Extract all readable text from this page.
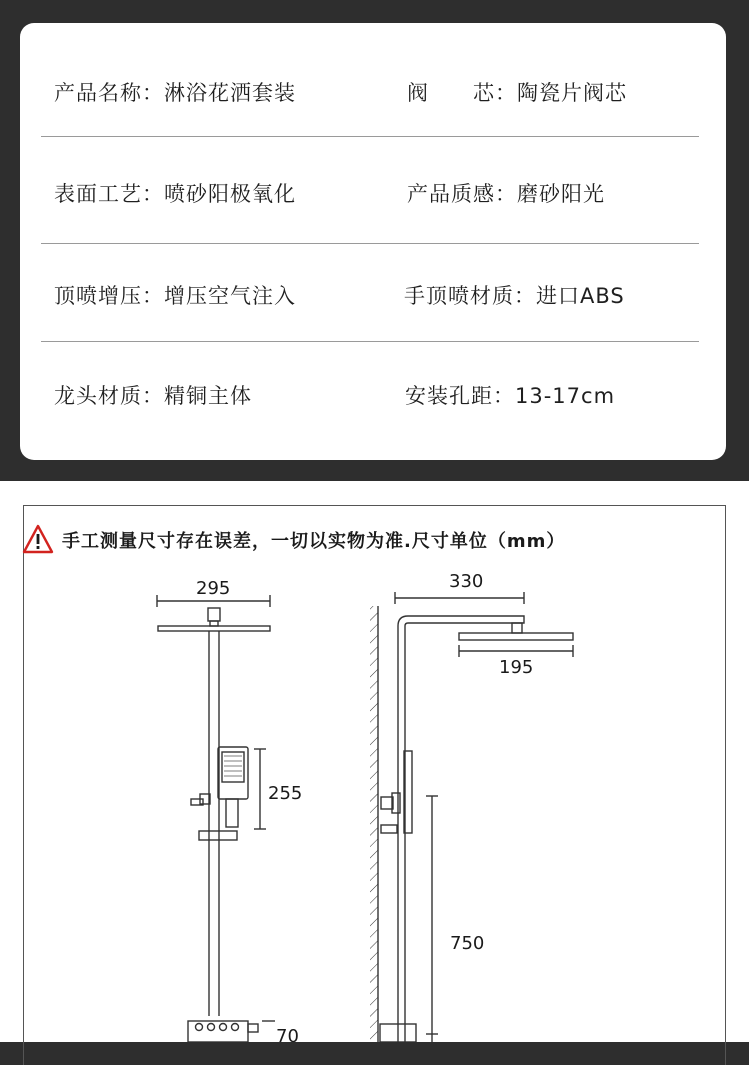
产品名称：淋浴花洒套装	阀　　芯：陶瓷片阀芯
表面工艺：喷砂阳极氧化	产品质感：磨砂阳光
顶喷增压：增压空气注入	手顶喷材质：进口ABS
龙头材质：精铜主体	安装孔距：13-17cm
手工测量尺寸存在误差，一切以实物为准.尺寸单位（mm）
295
255
70
330
195
750
